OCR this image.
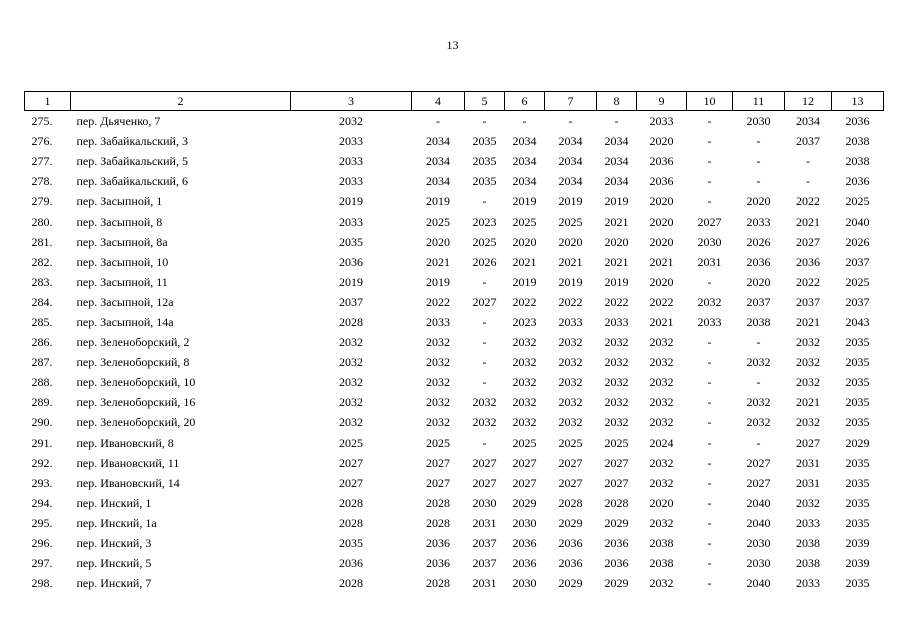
13
1	2	3	4	5	6	7	8	9	10	11	12	13
275.	пер. Дьяченко, 7	2032	-	-	-	-	-	2033	-	2030	2034	2036
276.	пер. Забайкальский, 3	2033	2034	2035	2034	2034	2034	2020	-	-	2037	2038
277.	пер. Забайкальский, 5	2033	2034	2035	2034	2034	2034	2036	-	-	-	2038
278.	пер. Забайкальский, 6	2033	2034	2035	2034	2034	2034	2036	-	-	-	2036
279.	пер. Засыпной, 1	2019	2019	-	2019	2019	2019	2020	-	2020	2022	2025
280.	пер. Засыпной, 8	2033	2025	2023	2025	2025	2021	2020	2027	2033	2021	2040
281.	пер. Засыпной, 8а	2035	2020	2025	2020	2020	2020	2020	2030	2026	2027	2026
282.	пер. Засыпной, 10	2036	2021	2026	2021	2021	2021	2021	2031	2036	2036	2037
283.	пер. Засыпной, 11	2019	2019	-	2019	2019	2019	2020	-	2020	2022	2025
284.	пер. Засыпной, 12а	2037	2022	2027	2022	2022	2022	2022	2032	2037	2037	2037
285.	пер. Засыпной, 14а	2028	2033	-	2023	2033	2033	2021	2033	2038	2021	2043
286.	пер. Зеленоборский, 2	2032	2032	-	2032	2032	2032	2032	-	-	2032	2035
287.	пер. Зеленоборский, 8	2032	2032	-	2032	2032	2032	2032	-	2032	2032	2035
288.	пер. Зеленоборский, 10	2032	2032	-	2032	2032	2032	2032	-	-	2032	2035
289.	пер. Зеленоборский, 16	2032	2032	2032	2032	2032	2032	2032	-	2032	2021	2035
290.	пер. Зеленоборский, 20	2032	2032	2032	2032	2032	2032	2032	-	2032	2032	2035
291.	пер. Ивановский, 8	2025	2025	-	2025	2025	2025	2024	-	-	2027	2029
292.	пер. Ивановский, 11	2027	2027	2027	2027	2027	2027	2032	-	2027	2031	2035
293.	пер. Ивановский, 14	2027	2027	2027	2027	2027	2027	2032	-	2027	2031	2035
294.	пер. Инский, 1	2028	2028	2030	2029	2028	2028	2020	-	2040	2032	2035
295.	пер. Инский, 1а	2028	2028	2031	2030	2029	2029	2032	-	2040	2033	2035
296.	пер. Инский, 3	2035	2036	2037	2036	2036	2036	2038	-	2030	2038	2039
297.	пер. Инский, 5	2036	2036	2037	2036	2036	2036	2038	-	2030	2038	2039
298.	пер. Инский, 7	2028	2028	2031	2030	2029	2029	2032	-	2040	2033	2035
